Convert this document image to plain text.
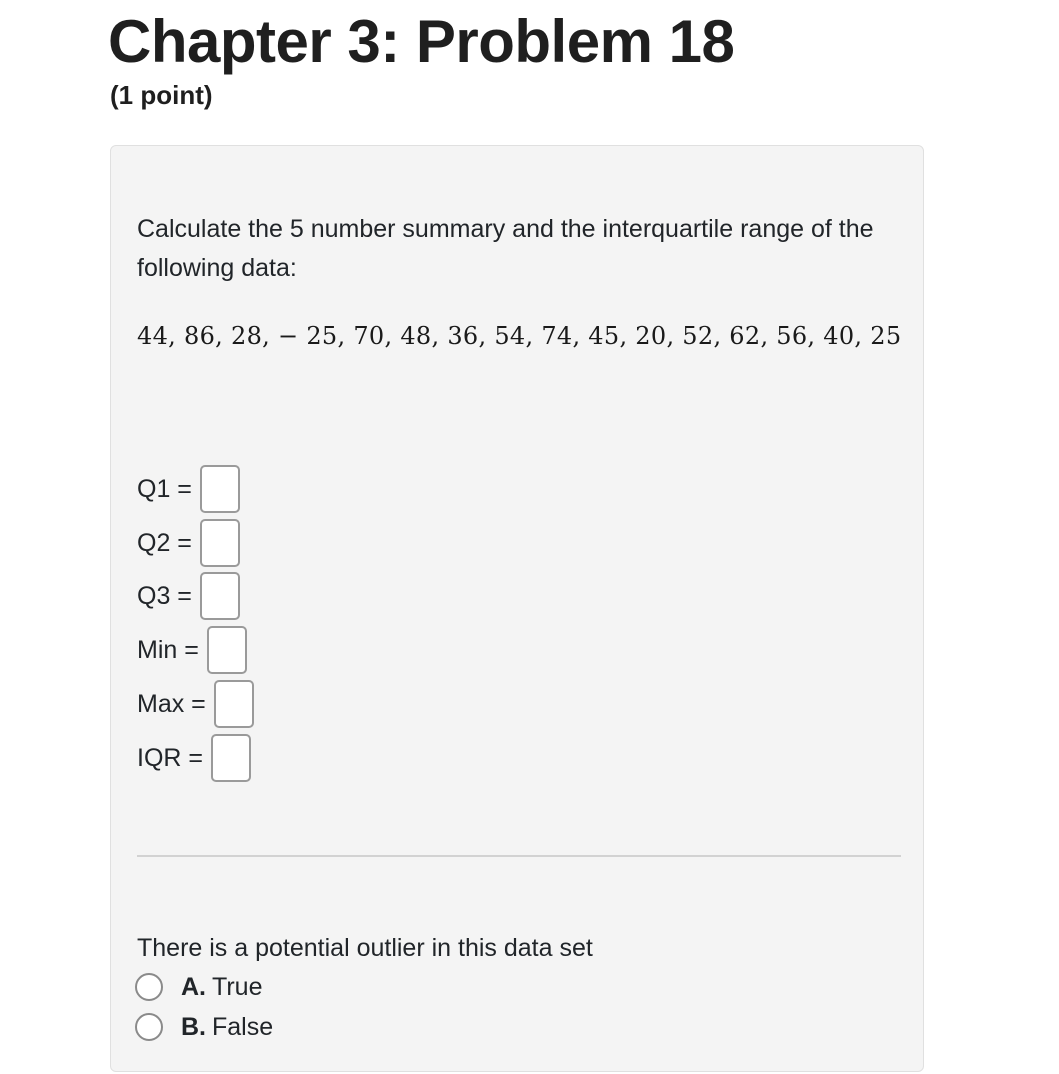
Chapter 3: Problem 18
(1 point)
Calculate the 5 number summary and the interquartile range of the following data:
44, 86, 28, − 25, 70, 48, 36, 54, 74, 45, 20, 52, 62, 56, 40, 25
Q1 =
Q2 =
Q3 =
Min =
Max =
IQR =
There is a potential outlier in this data set
A. True
B. False
